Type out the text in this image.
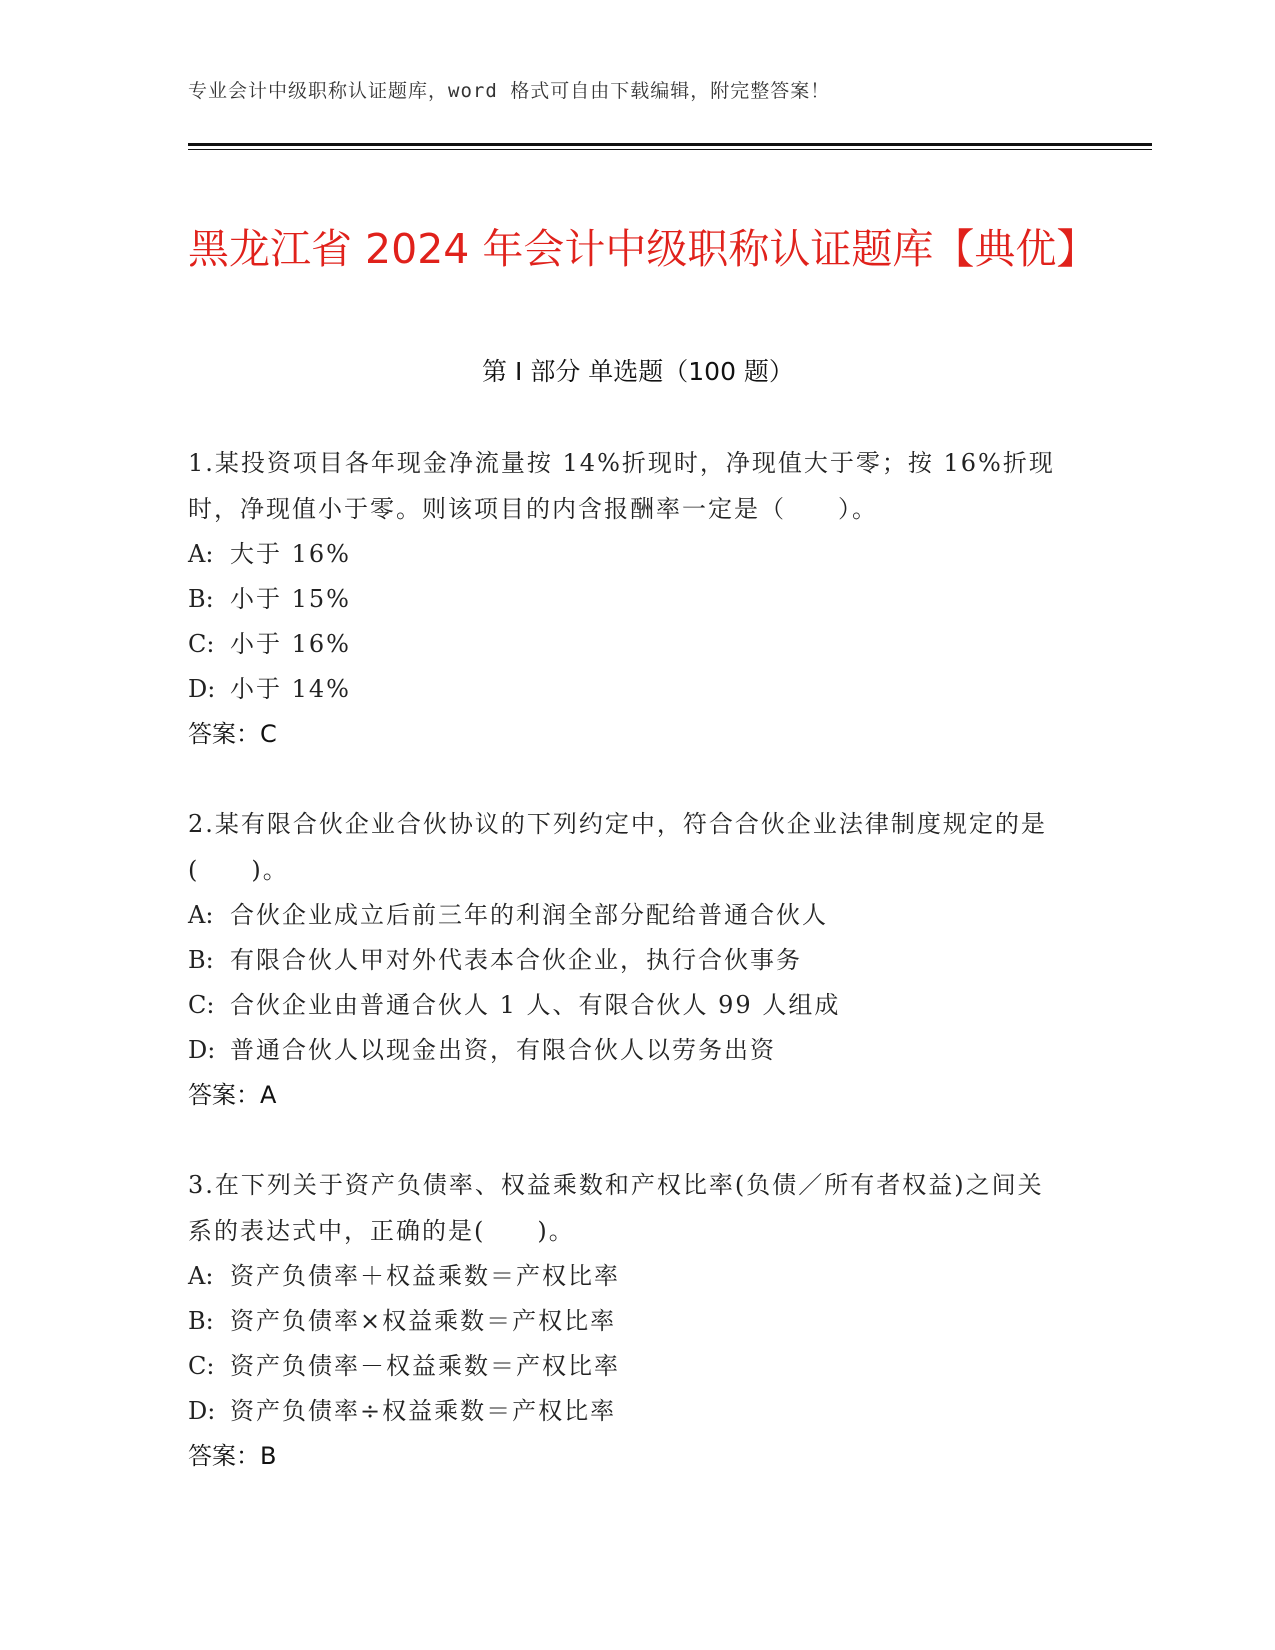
专业会计中级职称认证题库，word 格式可自由下载编辑，附完整答案！
黑龙江省 2024 年会计中级职称认证题库【典优】
第 I 部分 单选题（100 题）
1.某投资项目各年现金净流量按 14%折现时，净现值大于零；按 16%折现时，净现值小于零。则该项目的内含报酬率一定是（　　）。
A: 大于 16%
B: 小于 15%
C: 小于 16%
D: 小于 14%
答案：C
2.某有限合伙企业合伙协议的下列约定中，符合合伙企业法律制度规定的是(　　)。
A: 合伙企业成立后前三年的利润全部分配给普通合伙人
B: 有限合伙人甲对外代表本合伙企业，执行合伙事务
C: 合伙企业由普通合伙人 1 人、有限合伙人 99 人组成
D: 普通合伙人以现金出资，有限合伙人以劳务出资
答案：A
3.在下列关于资产负债率、权益乘数和产权比率(负债／所有者权益)之间关系的表达式中，正确的是(　　)。
A: 资产负债率＋权益乘数＝产权比率
B: 资产负债率×权益乘数＝产权比率
C: 资产负债率－权益乘数＝产权比率
D: 资产负债率÷权益乘数＝产权比率
答案：B
